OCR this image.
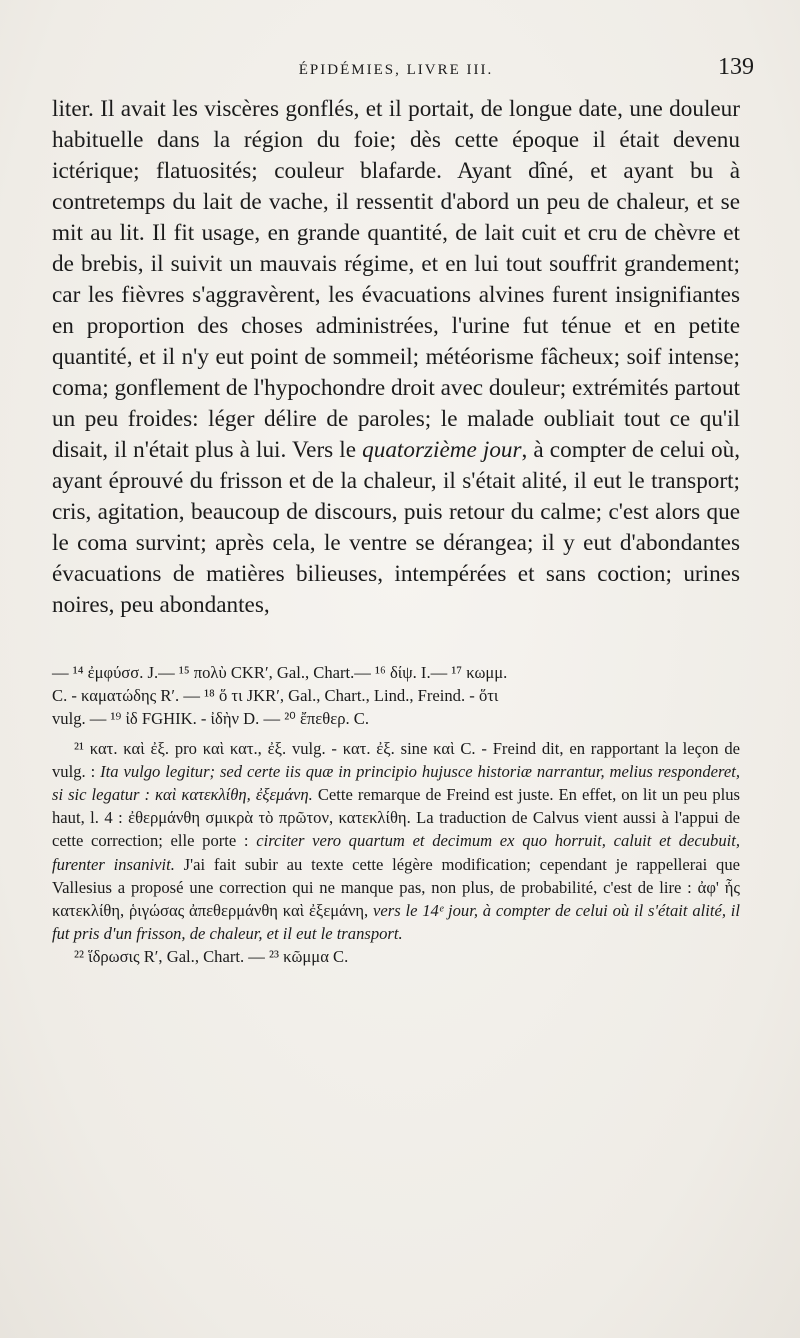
ÉPIDÉMIES, LIVRE III.	139

liter. Il avait les viscères gonflés, et il portait, de longue date, une douleur habituelle dans la région du foie; dès cette époque il était devenu ictérique; flatuosités; couleur blafarde. Ayant dîné, et ayant bu à contretemps du lait de vache, il ressentit d'abord un peu de chaleur, et se mit au lit. Il fit usage, en grande quantité, de lait cuit et cru de chèvre et de brebis, il suivit un mauvais régime, et en lui tout souffrit grandement; car les fièvres s'aggravèrent, les évacuations alvines furent insignifiantes en proportion des choses administrées, l'urine fut ténue et en petite quantité, et il n'y eut point de sommeil; météorisme fâcheux; soif intense; coma; gonflement de l'hypochondre droit avec douleur; extrémités partout un peu froides: léger délire de paroles; le malade oubliait tout ce qu'il disait, il n'était plus à lui. Vers le quatorzième jour, à compter de celui où, ayant éprouvé du frisson et de la chaleur, il s'était alité, il eut le transport; cris, agitation, beaucoup de discours, puis retour du calme; c'est alors que le coma survint; après cela, le ventre se dérangea; il y eut d'abondantes évacuations de matières bilieuses, intempérées et sans coction; urines noires, peu abondantes,

— ¹⁴ ἐμφύσσ. J.— ¹⁵ πολὺ CKR′, Gal., Chart.— ¹⁶ δίψ. I.— ¹⁷ κωμμ.
C. - καματώδης R′. — ¹⁸ ὅ τι JKR′, Gal., Chart., Lind., Freind. - ὅτι
vulg. — ¹⁹ ἰδ FGHIK. - ἰδὴν D. — ²⁰ ἔπεθερ. C.

²¹ κατ. καὶ ἐξ. pro καὶ κατ., ἐξ. vulg. - κατ. ἐξ. sine καὶ C. - Freind dit, en rapportant la leçon de vulg. : Ita vulgo legitur; sed certe iis quæ in principio hujusce historiæ narrantur, melius responderet, si sic legatur : καὶ κατεκλίθη, ἐξεμάνη. Cette remarque de Freind est juste. En effet, on lit un peu plus haut, l. 4 : ἐθερμάνθη σμικρὰ τὸ πρῶτον, κατεκλίθη. La traduction de Calvus vient aussi à l'appui de cette correction; elle porte : circiter vero quartum et decimum ex quo horruit, caluit et decubuit, furenter insanivit. J'ai fait subir au texte cette légère modification; cependant je rappellerai que Vallesius a proposé une correction qui ne manque pas, non plus, de probabilité, c'est de lire : ἀφ' ἧς κατεκλίθη, ῥιγώσας ἀπεθερμάνθη καὶ ἐξεμάνη, vers le 14ᵉ jour, à compter de celui où il s'était alité, il fut pris d'un frisson, de chaleur, et il eut le transport.

²² ἵδρωσις R′, Gal., Chart. — ²³ κῶμμα C.
